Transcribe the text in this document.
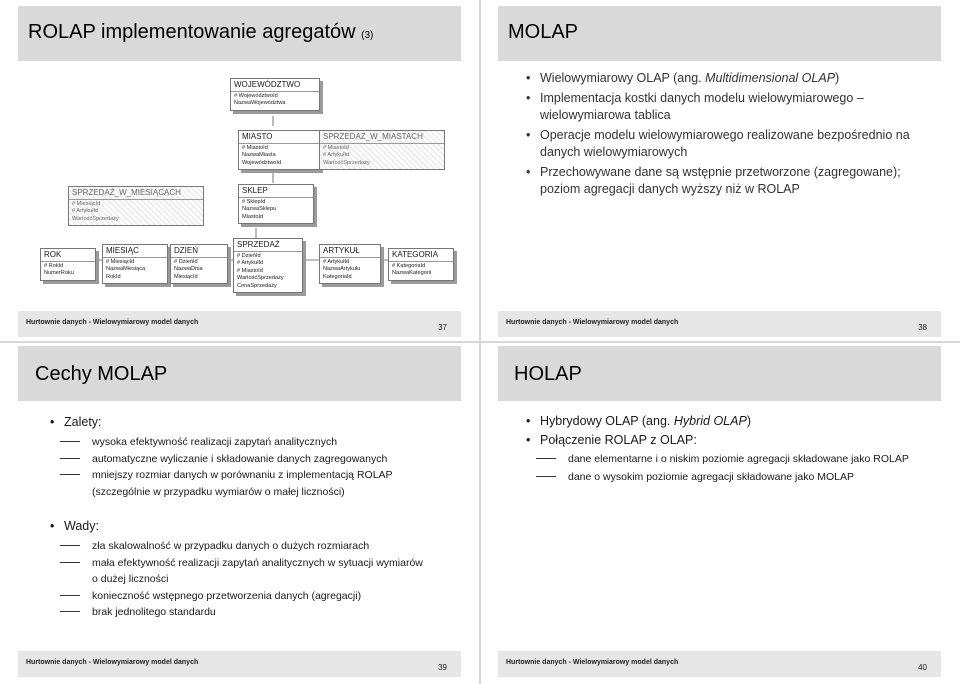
ROLAP implementowanie agregatów (3)
WOJEWÓDZTWO
# WojewództwoId
NazwaWojewództwa
MIASTO
# MiastoId
NazwaMiasta
WojewództwoId
SPRZEDAŻ_W_MIASTACH
# MiastoId
# ArtykułId
WartośćSprzedaży
SPRZEDAŻ_W_MIESIĄCACH
# MiesiącId
# ArtykułId
WartośćSprzedaży
SKLEP
# SklepId
NazwaSklepu
MiastoId
ROK
# RokId
NumerRoku
MIESIĄC
# MiesiącId
NazwaMiesiąca
RokId
DZIEŃ
# DzieńId
NazwaDnia
MiesiącId
SPRZEDAŻ
# DzieńId
# ArtykułId
# MiastoId
WartośćSprzedaży
CenaSprzedaży
ARTYKUŁ
# ArtykułId
NazwaArtykułu
KategoriaId
KATEGORIA
# KategoriaId
NazwaKategorii
Hurtownie danych - Wielowymiarowy model danych
37
MOLAP
• Wielowymiarowy OLAP (ang. Multidimensional OLAP)
• Implementacja kostki danych modelu wielowymiarowego – wielowymiarowa tablica
• Operacje modelu wielowymiarowego realizowane bezpośrednio na danych wielowymiarowych
• Przechowywane dane są wstępnie przetworzone (zagregowane); poziom agregacji danych wyższy niż w ROLAP
Hurtownie danych - Wielowymiarowy model danych
38
Cechy MOLAP
• Zalety:
wysoka efektywność realizacji zapytań analitycznych
automatyczne wyliczanie i składowanie danych zagregowanych
mniejszy rozmiar danych w porównaniu z implementacją ROLAP (szczególnie w przypadku wymiarów o małej liczności)
• Wady:
zła skalowalność w przypadku danych o dużych rozmiarach
mała efektywność realizacji zapytań analitycznych w sytuacji wymiarów o dużej liczności
konieczność wstępnego przetworzenia danych (agregacji)
brak jednolitego standardu
Hurtownie danych - Wielowymiarowy model danych
39
HOLAP
• Hybrydowy OLAP (ang. Hybrid OLAP)
• Połączenie ROLAP z OLAP:
dane elementarne i o niskim poziomie agregacji składowane jako ROLAP
dane o wysokim poziomie agregacji składowane jako MOLAP
Hurtownie danych - Wielowymiarowy model danych
40
